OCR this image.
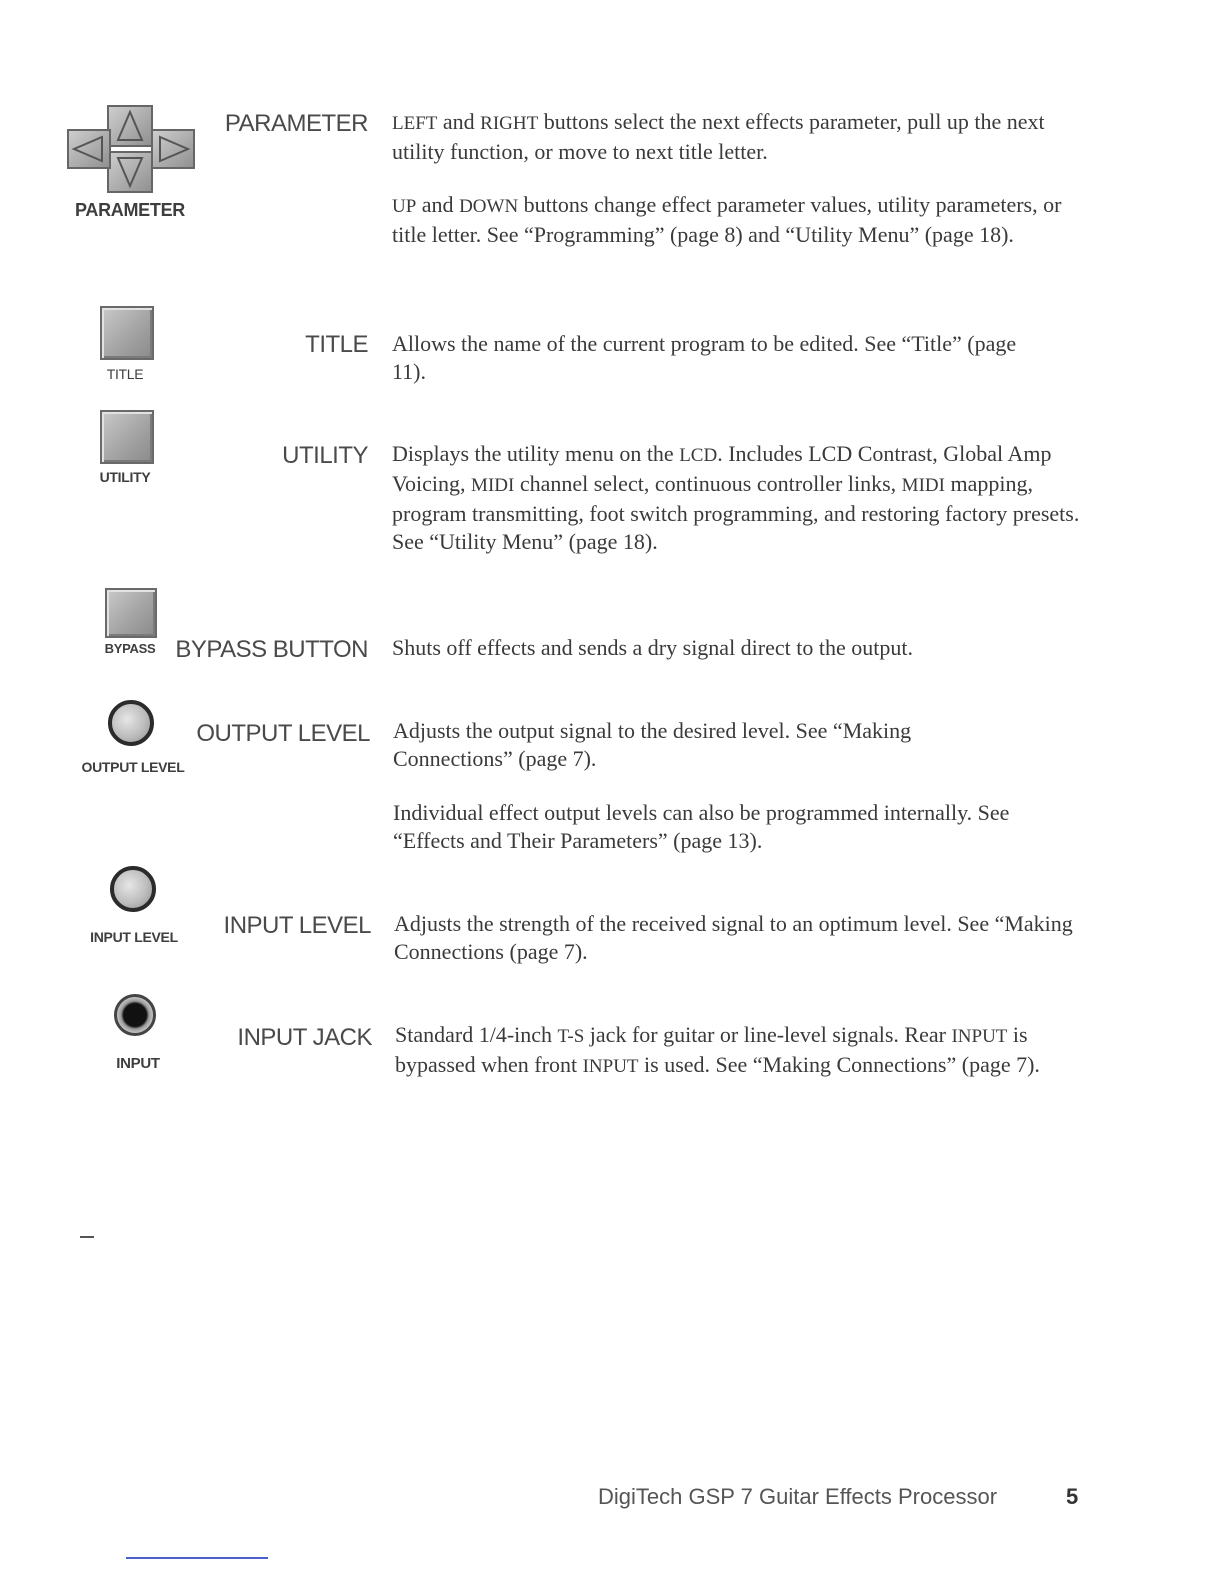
PARAMETER
PARAMETER LEFT and RIGHT buttons select the next effects parameter, pull up the next utility function, or move to next title letter.
UP and DOWN buttons change effect parameter values, utility parameters, or title letter. See “Programming” (page 8) and “Utility Menu” (page 18).
TITLE
TITLE Allows the name of the current program to be edited. See “Title” (page 11).
UTILITY
UTILITY Displays the utility menu on the LCD. Includes LCD Contrast, Global Amp Voicing, MIDI channel select, continuous controller links, MIDI mapping, program transmitting, foot switch programming, and restoring factory presets. See “Utility Menu” (page 18).
BYPASS BYPASS BUTTON Shuts off effects and sends a dry signal direct to the output.
OUTPUT LEVEL
OUTPUT LEVEL Adjusts the output signal to the desired level. See “Making Connections” (page 7).
Individual effect output levels can also be programmed internally. See “Effects and Their Parameters” (page 13).
INPUT LEVEL	INPUT LEVEL Adjusts the strength of the received signal to an optimum level. See “Making Connections (page 7).
INPUT
INPUT JACK Standard 1/4-inch T-S jack for guitar or line-level signals. Rear INPUT is bypassed when front INPUT is used. See “Making Connections” (page 7).
DigiTech GSP 7 Guitar Effects Processor	5
